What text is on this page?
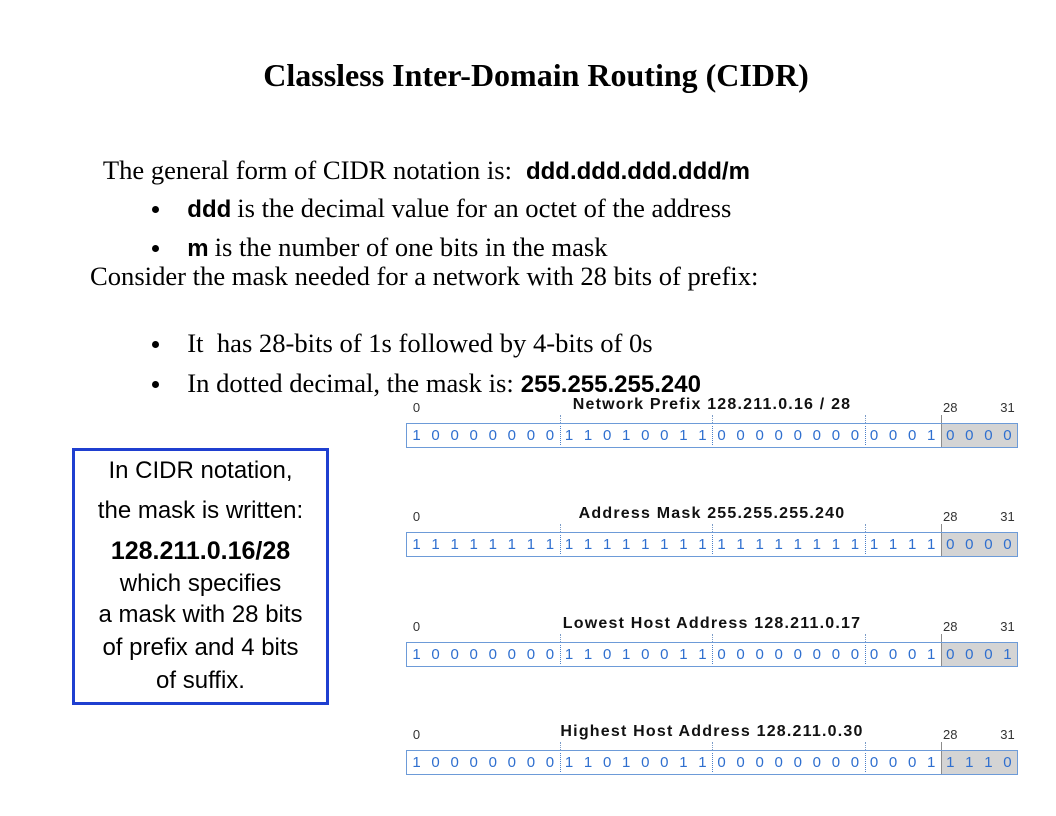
Classless Inter-Domain Routing (CIDR)

The general form of CIDR notation is: ddd.ddd.ddd.ddd/m

ddd is the decimal value for an octet of the address

m is the number of one bits in the mask

Consider the mask needed for a network with 28 bits of prefix:

It  has 28-bits of 1s followed by 4-bits of 0s

In dotted decimal, the mask is: 255.255.255.240

In CIDR notation,
the mask is written:
128.211.0.16/28
which specifies
a mask with 28 bits
of prefix and 4 bits
of suffix.
Network Prefix 128.211.0.16 / 28
0	28	31
1 0 0 0 0 0 0 0 1 1 0 1 0 0 1 1 0 0 0 0 0 0 0 0 0 0 0 1 0 0 0 0
Address Mask 255.255.255.240
0	28	31
1 1 1 1 1 1 1 1 1 1 1 1 1 1 1 1 1 1 1 1 1 1 1 1 1 1 1 1 0 0 0 0
Lowest Host Address 128.211.0.17
0	28	31
1 0 0 0 0 0 0 0 1 1 0 1 0 0 1 1 0 0 0 0 0 0 0 0 0 0 0 1 0 0 0 1
Highest Host Address 128.211.0.30
0	28	31
1 0 0 0 0 0 0 0 1 1 0 1 0 0 1 1 0 0 0 0 0 0 0 0 0 0 0 1 1 1 1 0
